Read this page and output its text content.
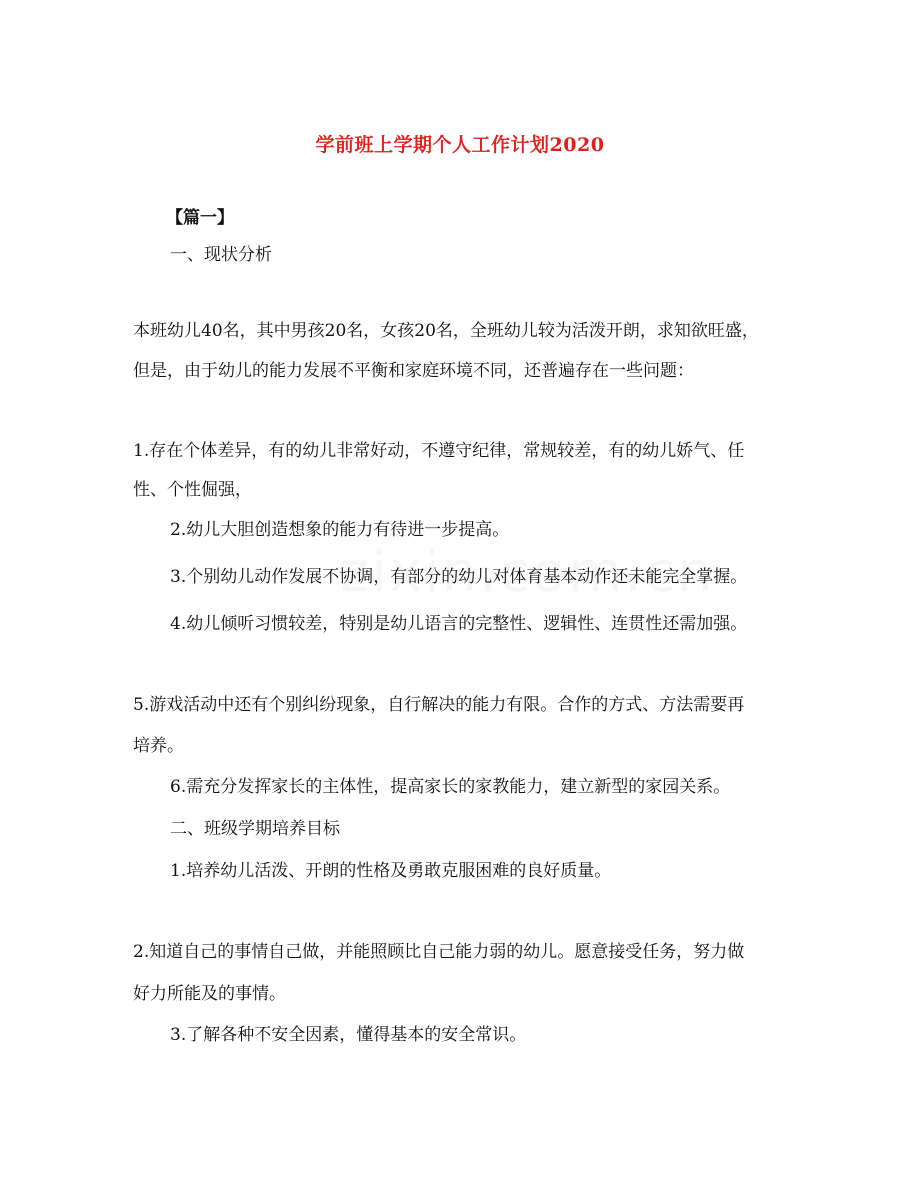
学前班上学期个人工作计划2020
【篇一】
一、现状分析
本班幼儿40名，其中男孩20名，女孩20名，全班幼儿较为活泼开朗，求知欲旺盛，
但是，由于幼儿的能力发展不平衡和家庭环境不同，还普遍存在一些问题：
1.存在个体差异，有的幼儿非常好动，不遵守纪律，常规较差，有的幼儿娇气、任
性、个性倔强，
2.幼儿大胆创造想象的能力有待进一步提高。
3.个别幼儿动作发展不协调，有部分的幼儿对体育基本动作还未能完全掌握。
4.幼儿倾听习惯较差，特别是幼儿语言的完整性、逻辑性、连贯性还需加强。
5.游戏活动中还有个别纠纷现象，自行解决的能力有限。合作的方式、方法需要再
培养。
6.需充分发挥家长的主体性，提高家长的家教能力，建立新型的家园关系。
二、班级学期培养目标
1.培养幼儿活泼、开朗的性格及勇敢克服困难的良好质量。
2.知道自己的事情自己做，并能照顾比自己能力弱的幼儿。愿意接受任务，努力做
好力所能及的事情。
3.了解各种不安全因素，懂得基本的安全常识。
